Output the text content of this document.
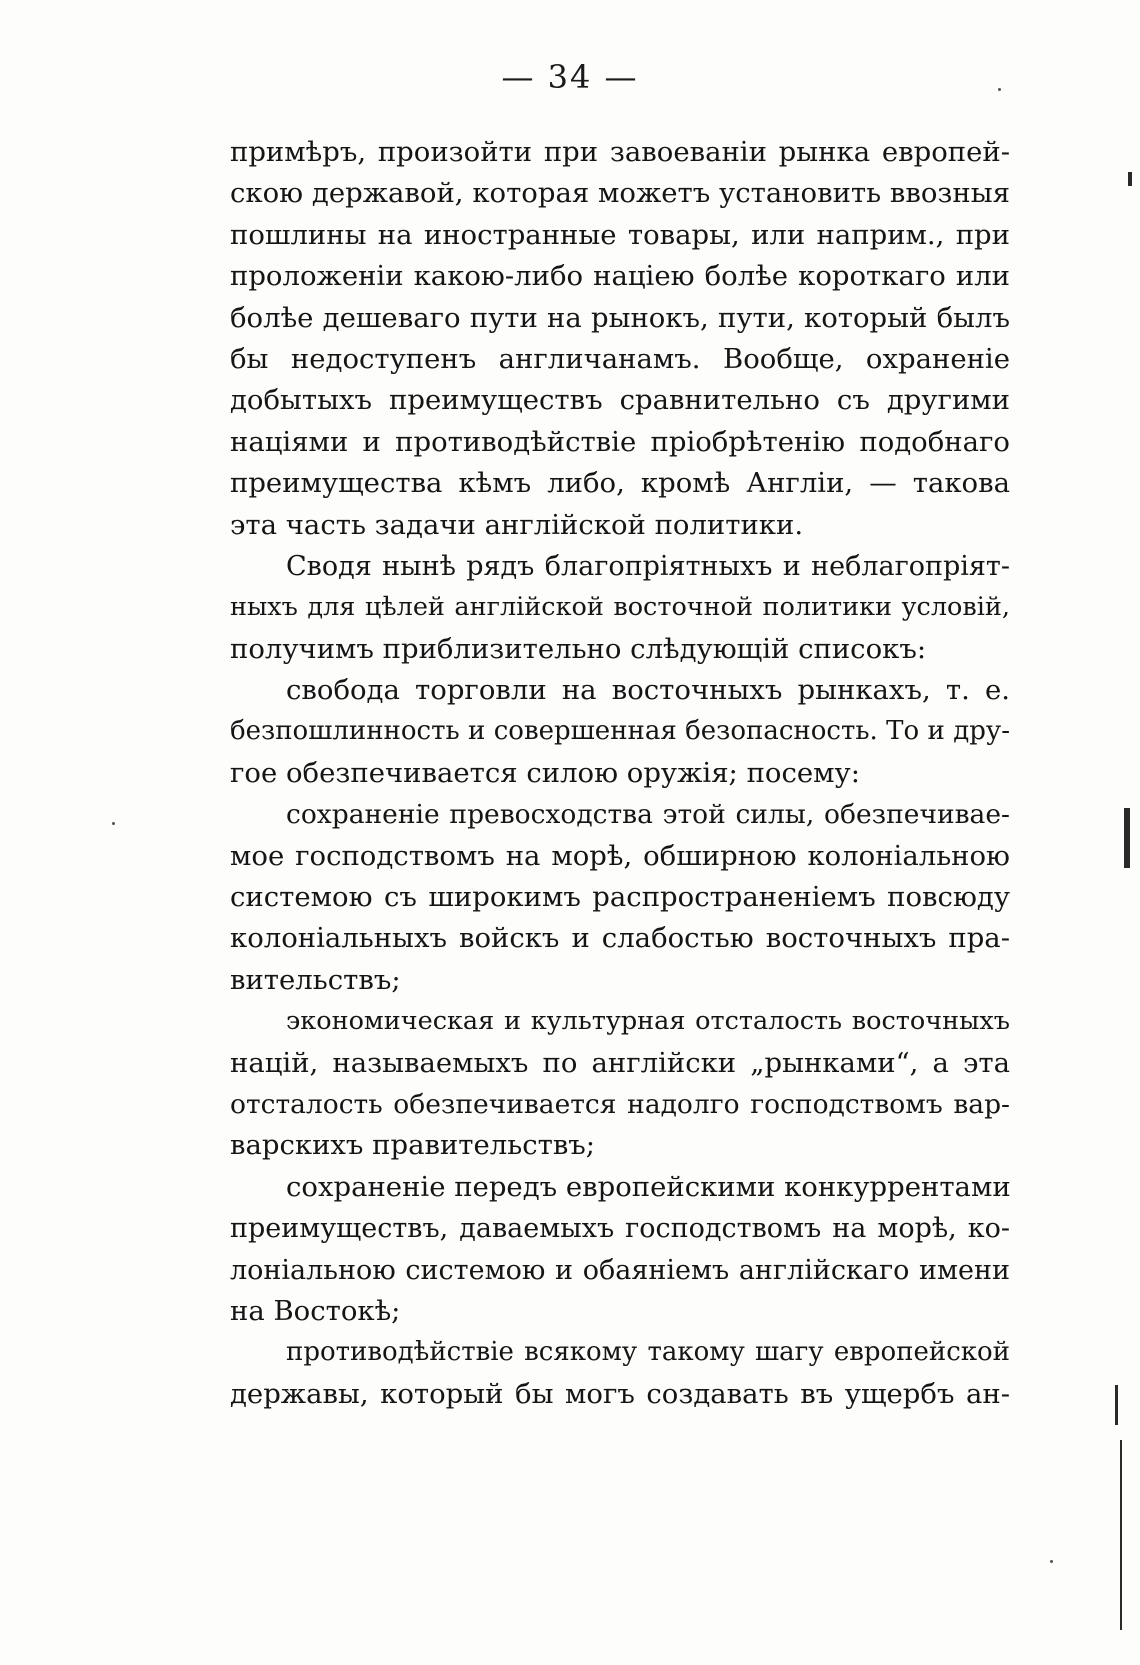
— 34 —
примѣръ, произойти при завоеваніи рынка европей-
скою державой, которая можетъ установить ввозныя
пошлины на иностранные товары, или наприм., при
проложеніи какою-либо націею болѣе короткаго или
болѣе дешеваго пути на рынокъ, пути, который былъ
бы недоступенъ англичанамъ. Вообще, охраненіе
добытыхъ преимуществъ сравнительно съ другими
націями и противодѣйствіе пріобрѣтенію подобнаго
преимущества кѣмъ либо, кромѣ Англіи, — такова
эта часть задачи англійской политики.
Сводя нынѣ рядъ благопріятныхъ и неблагопріят-
ныхъ для цѣлей англійской восточной политики условій,
получимъ приблизительно слѣдующій списокъ:
свобода торговли на восточныхъ рынкахъ, т. е.
безпошлинность и совершенная безопасность. То и дру-
гое обезпечивается силою оружія; посему:
сохраненіе превосходства этой силы, обезпечивае-
мое господствомъ на морѣ, обширною колоніальною
системою съ широкимъ распространеніемъ повсюду
колоніальныхъ войскъ и слабостью восточныхъ пра-
вительствъ;
экономическая и культурная отсталость восточныхъ
націй, называемыхъ по англійски „рынками“, а эта
отсталость обезпечивается надолго господствомъ вар-
варскихъ правительствъ;
сохраненіе передъ европейскими конкуррентами
преимуществъ, даваемыхъ господствомъ на морѣ, ко-
лоніальною системою и обаяніемъ англійскаго имени
на Востокѣ;
противодѣйствіе всякому такому шагу европейской
державы, который бы могъ создавать въ ущербъ ан-
